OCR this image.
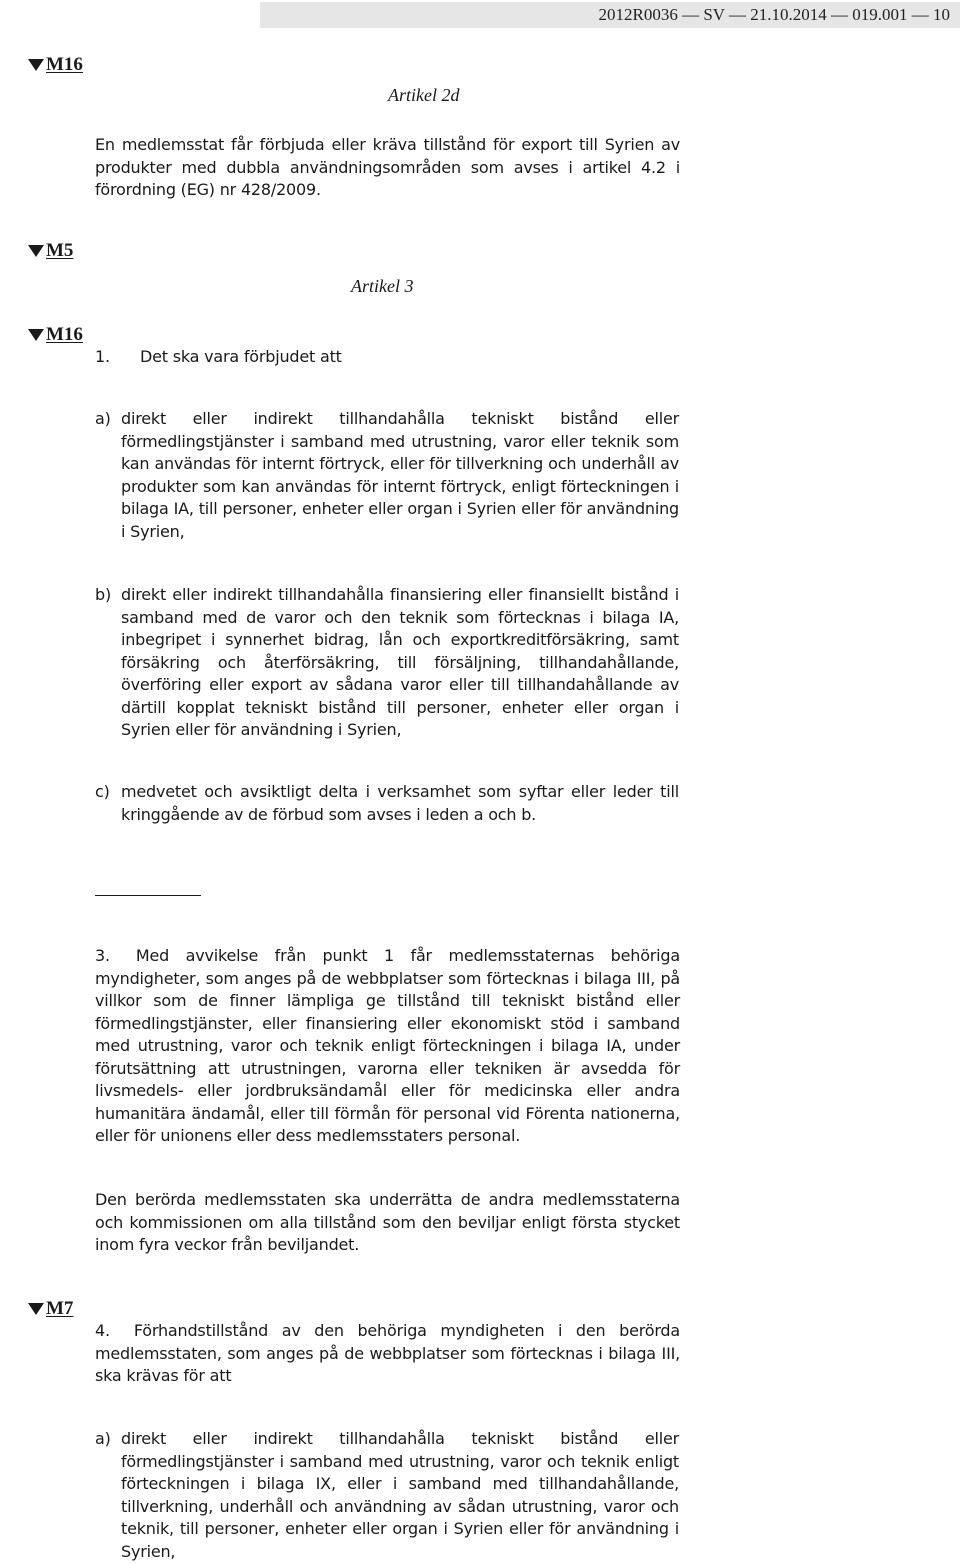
2012R0036 — SV — 21.10.2014 — 019.001 — 10
M16
Artikel 2d
En medlemsstat får förbjuda eller kräva tillstånd för export till Syrien av produkter med dubbla användningsområden som avses i artikel 4.2 i förordning (EG) nr 428/2009.
M5
Artikel 3
M16
1. Det ska vara förbjudet att
a) direkt eller indirekt tillhandahålla tekniskt bistånd eller förmedlingstjänster i samband med utrustning, varor eller teknik som kan användas för internt förtryck, eller för tillverkning och underhåll av produkter som kan användas för internt förtryck, enligt förteckningen i bilaga IA, till personer, enheter eller organ i Syrien eller för användning i Syrien,
b) direkt eller indirekt tillhandahålla finansiering eller finansiellt bistånd i samband med de varor och den teknik som förtecknas i bilaga IA, inbegripet i synnerhet bidrag, lån och exportkreditförsäkring, samt försäkring och återförsäkring, till försäljning, tillhandahållande, överföring eller export av sådana varor eller till tillhandahållande av därtill kopplat tekniskt bistånd till personer, enheter eller organ i Syrien eller för användning i Syrien,
c) medvetet och avsiktligt delta i verksamhet som syftar eller leder till kringgående av de förbud som avses i leden a och b.
3. Med avvikelse från punkt 1 får medlemsstaternas behöriga myndigheter, som anges på de webbplatser som förtecknas i bilaga III, på villkor som de finner lämpliga ge tillstånd till tekniskt bistånd eller förmedlingstjänster, eller finansiering eller ekonomiskt stöd i samband med utrustning, varor och teknik enligt förteckningen i bilaga IA, under förutsättning att utrustningen, varorna eller tekniken är avsedda för livsmedels- eller jordbruksändamål eller för medicinska eller andra humanitära ändamål, eller till förmån för personal vid Förenta nationerna, eller för unionens eller dess medlemsstaters personal.
Den berörda medlemsstaten ska underrätta de andra medlemsstaterna och kommissionen om alla tillstånd som den beviljar enligt första stycket inom fyra veckor från beviljandet.
M7
4. Förhandstillstånd av den behöriga myndigheten i den berörda medlemsstaten, som anges på de webbplatser som förtecknas i bilaga III, ska krävas för att
a) direkt eller indirekt tillhandahålla tekniskt bistånd eller förmedlingstjänster i samband med utrustning, varor och teknik enligt förteckningen i bilaga IX, eller i samband med tillhandahållande, tillverkning, underhåll och användning av sådan utrustning, varor och teknik, till personer, enheter eller organ i Syrien eller för användning i Syrien,
